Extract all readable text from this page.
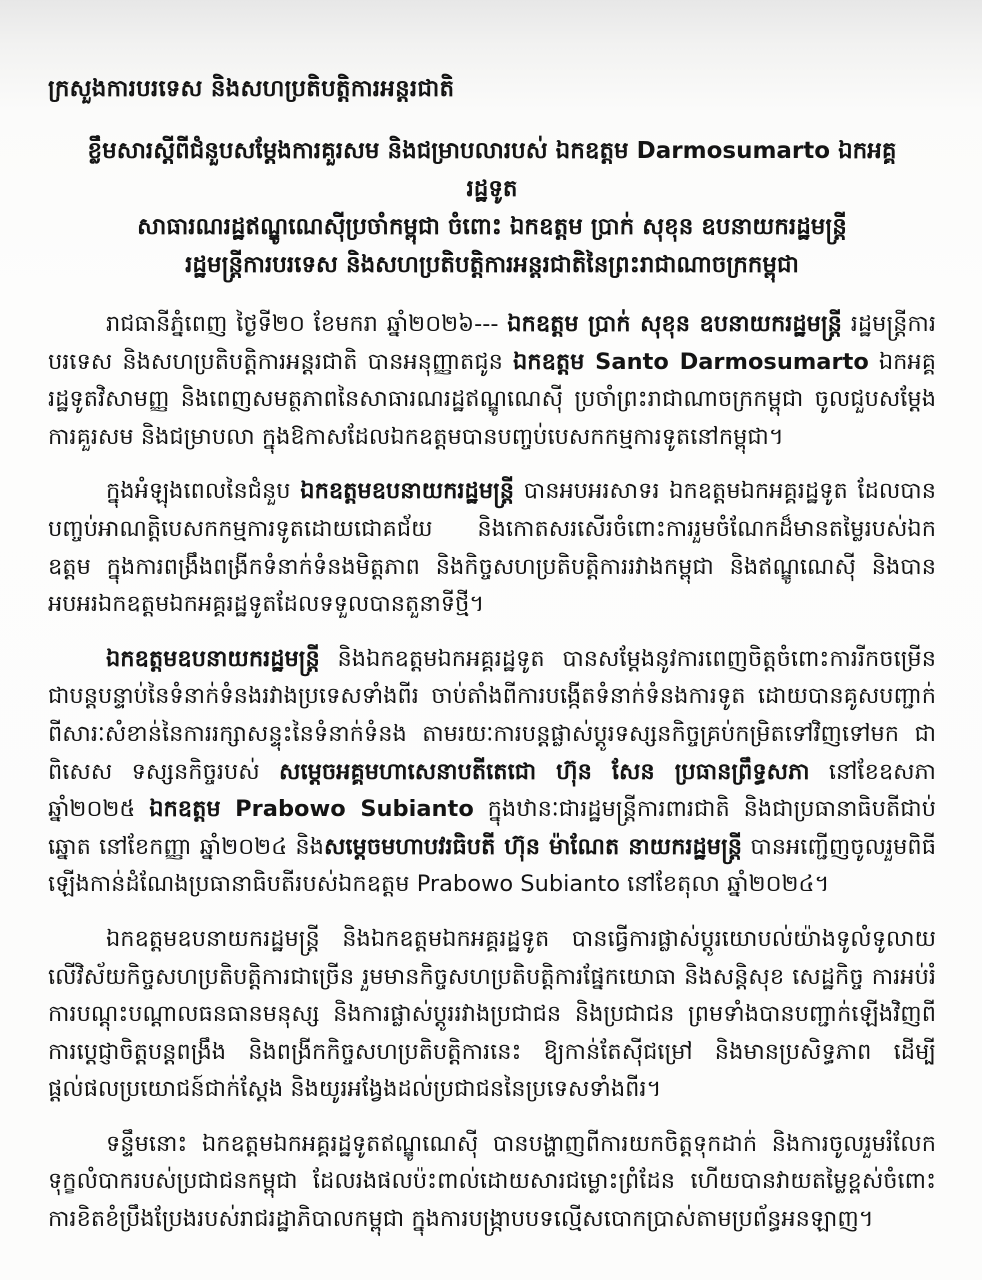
ក្រសួងការបរទេស និងសហប្រតិបត្តិការអន្តរជាតិ
ខ្លឹមសារស្តីពីជំនួបសម្តែងការគួរសម និងជម្រាបលារបស់ ឯកឧត្តម Darmosumarto ឯកអគ្គរដ្ឋទូត
សាធារណរដ្ឋឥណ្ឌូណេស៊ីប្រចាំកម្ពុជា ចំពោះ ឯកឧត្តម ប្រាក់ សុខុន ឧបនាយករដ្ឋមន្ត្រី
រដ្ឋមន្ត្រីការបរទេស និងសហប្រតិបត្តិការអន្តរជាតិនៃព្រះរាជាណាចក្រកម្ពុជា

រាជធានីភ្នំពេញ ថ្ងៃទី២០ ខែមករា ឆ្នាំ២០២៦--- ឯកឧត្តម ប្រាក់ សុខុន ឧបនាយករដ្ឋមន្ត្រី រដ្ឋមន្ត្រីការបរទេស និងសហប្រតិបត្តិការអន្តរជាតិ បានអនុញ្ញាតជូន ឯកឧត្តម Santo Darmosumarto ឯកអគ្គរដ្ឋទូតវិសាមញ្ញ និងពេញសមត្ថភាពនៃសាធារណរដ្ឋឥណ្ឌូណេស៊ី ប្រចាំព្រះរាជាណាចក្រកម្ពុជា ចូលជួបសម្តែងការគួរសម និងជម្រាបលា ក្នុងឱកាសដែលឯកឧត្តមបានបញ្ចប់បេសកកម្មការទូតនៅកម្ពុជា។

ក្នុងអំឡុងពេលនៃជំនួប ឯកឧត្តមឧបនាយករដ្ឋមន្ត្រី បានអបអរសាទរ ឯកឧត្តមឯកអគ្គរដ្ឋទូត ដែលបានបញ្ចប់អាណត្តិបេសកកម្មការទូតដោយជោគជ័យ និងកោតសរសើរចំពោះការរួមចំណែកដ៏មានតម្លៃរបស់ឯកឧត្តម ក្នុងការពង្រឹងពង្រីកទំនាក់ទំនងមិត្តភាព និងកិច្ចសហប្រតិបត្តិការរវាងកម្ពុជា និងឥណ្ឌូណេស៊ី និងបានអបអរឯកឧត្តមឯកអគ្គរដ្ឋទូតដែលទទួលបានតួនាទីថ្មី។

ឯកឧត្តមឧបនាយករដ្ឋមន្ត្រី និងឯកឧត្តមឯកអគ្គរដ្ឋទូត បានសម្តែងនូវការពេញចិត្តចំពោះការរីកចម្រើនជាបន្តបន្ទាប់នៃទំនាក់ទំនងរវាងប្រទេសទាំងពីរ ចាប់តាំងពីការបង្កើតទំនាក់ទំនងការទូត ដោយបានគូសបញ្ជាក់ពីសារៈសំខាន់នៃការរក្សាសន្ទុះនៃទំនាក់ទំនង តាមរយៈការបន្តផ្លាស់ប្តូរទស្សនកិច្ចគ្រប់កម្រិតទៅវិញទៅមក ជាពិសេស ទស្សនកិច្ចរបស់ សម្តេចអគ្គមហាសេនាបតីតេជោ ហ៊ុន សែន ប្រធានព្រឹទ្ធសភា នៅខែឧសភា ឆ្នាំ២០២៥ ឯកឧត្តម Prabowo Subianto ក្នុងឋានៈជារដ្ឋមន្ត្រីការពារជាតិ និងជាប្រធានាធិបតីជាប់ឆ្នោត នៅខែកញ្ញា ឆ្នាំ២០២៤ និងសម្តេចមហាបវរធិបតី ហ៊ុន ម៉ាណែត នាយករដ្ឋមន្ត្រី បានអញ្ជើញចូលរួមពិធីឡើងកាន់ដំណែងប្រធានាធិបតីរបស់ឯកឧត្តម Prabowo Subianto នៅខែតុលា ឆ្នាំ២០២៤។

ឯកឧត្តមឧបនាយករដ្ឋមន្ត្រី និងឯកឧត្តមឯកអគ្គរដ្ឋទូត បានធ្វើការផ្លាស់ប្តូរយោបល់យ៉ាងទូលំទូលាយ លើវិស័យកិច្ចសហប្រតិបត្តិការជាច្រើន រួមមានកិច្ចសហប្រតិបត្តិការផ្នែកយោធា និងសន្តិសុខ សេដ្ឋកិច្ច ការអប់រំ ការបណ្តុះបណ្តាលធនធានមនុស្ស និងការផ្លាស់ប្តូររវាងប្រជាជន និងប្រជាជន ព្រមទាំងបានបញ្ជាក់ឡើងវិញពីការប្តេជ្ញាចិត្តបន្តពង្រឹង និងពង្រីកកិច្ចសហប្រតិបត្តិការនេះ ឱ្យកាន់តែស៊ីជម្រៅ និងមានប្រសិទ្ធភាព ដើម្បីផ្តល់ផលប្រយោជន៍ជាក់ស្តែង និងយូរអង្វែងដល់ប្រជាជននៃប្រទេសទាំងពីរ។

ទន្ទឹមនោះ ឯកឧត្តមឯកអគ្គរដ្ឋទូតឥណ្ឌូណេស៊ី បានបង្ហាញពីការយកចិត្តទុកដាក់ និងការចូលរួមរំលែកទុក្ខលំបាករបស់ប្រជាជនកម្ពុជា ដែលរងផលប៉ះពាល់ដោយសារជម្លោះព្រំដែន ហើយបានវាយតម្លៃខ្ពស់ចំពោះការខិតខំប្រឹងប្រែងរបស់រាជរដ្ឋាភិបាលកម្ពុជា ក្នុងការបង្ក្រាបបទល្មើសបោកប្រាស់តាមប្រព័ន្ធអនឡាញ។
